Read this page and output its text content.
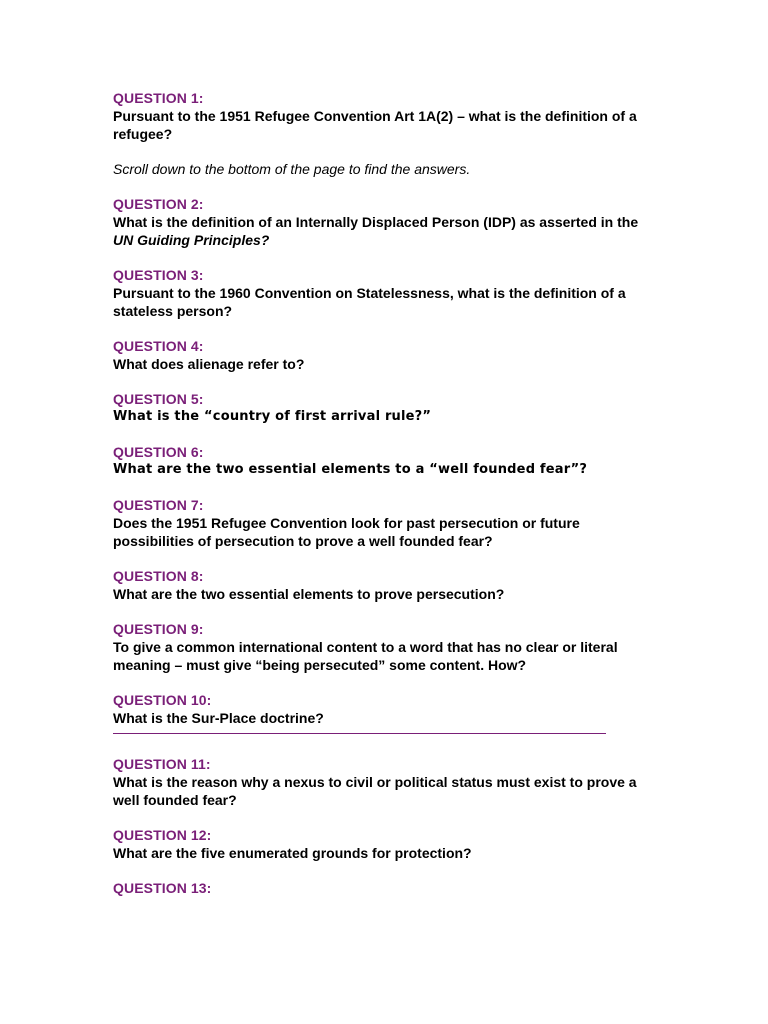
QUESTION 1:
Pursuant to the 1951 Refugee Convention Art 1A(2) – what is the definition of a refugee?
Scroll down to the bottom of the page to find the answers.
QUESTION 2:
What is the definition of an Internally Displaced Person (IDP) as asserted in the UN Guiding Principles?
QUESTION 3:
Pursuant to the 1960 Convention on Statelessness, what is the definition of a stateless person?
QUESTION 4:
What does alienage refer to?
QUESTION 5:
What is the “country of first arrival rule?”
QUESTION 6:
What are the two essential elements to a “well founded fear”?
QUESTION 7:
Does the 1951 Refugee Convention look for past persecution or future possibilities of persecution to prove a well founded fear?
QUESTION 8:
What are the two essential elements to prove persecution?
QUESTION 9:
To give a common international content to a word that has no clear or literal meaning – must give “being persecuted” some content. How?
QUESTION 10:
What is the Sur-Place doctrine?
QUESTION 11:
What is the reason why a nexus to civil or political status must exist to prove a well founded fear?
QUESTION 12:
What are the five enumerated grounds for protection?
QUESTION 13:
